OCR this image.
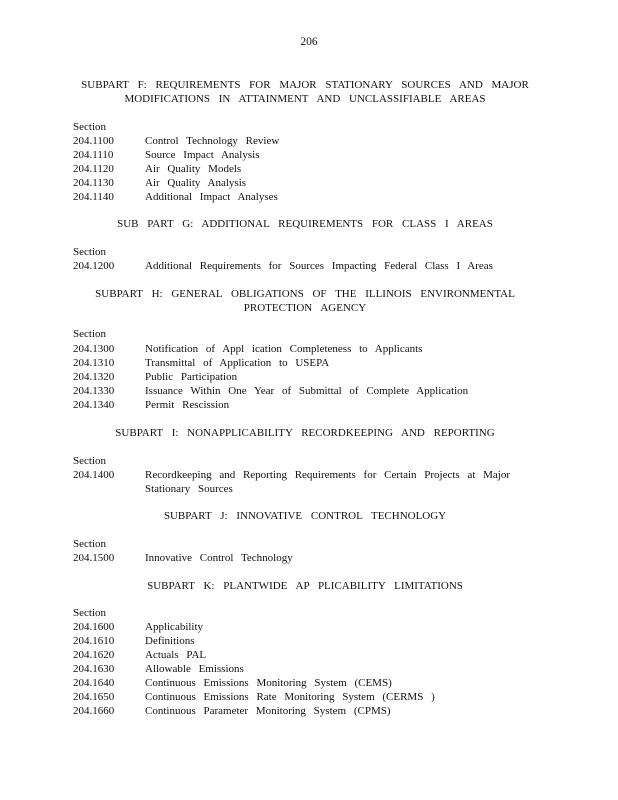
206
SUBPART F: REQUIREMENTS FOR MAJOR STATIONARY SOURCES AND MAJOR
MODIFICATIONS IN ATTAINMENT AND UNCLASSIFIABLE AREAS
Section
204.1100	Control Technology Review
204.1110	Source Impact Analysis
204.1120	Air Quality Models
204.1130	Air Quality Analysis
204.1140	Additional Impact Analyses
SUB PART G: ADDITIONAL REQUIREMENTS FOR CLASS I AREAS
Section
204.1200	Additional Requirements for Sources Impacting Federal Class I Areas
SUBPART H: GENERAL OBLIGATIONS OF THE ILLINOIS ENVIRONMENTAL
PROTECTION AGENCY
Section
204.1300	Notification of Appl ication Completeness to Applicants
204.1310	Transmittal of Application to USEPA
204.1320	Public Participation
204.1330	Issuance Within One Year of Submittal of Complete Application
204.1340	Permit Rescission
SUBPART I: NONAPPLICABILITY RECORDKEEPING AND REPORTING
Section
204.1400	Recordkeeping and Reporting Requirements for Certain Projects at Major
Stationary Sources
SUBPART J: INNOVATIVE CONTROL TECHNOLOGY
Section
204.1500	Innovative Control Technology
SUBPART K: PLANTWIDE AP PLICABILITY LIMITATIONS
Section
204.1600	Applicability
204.1610	Definitions
204.1620	Actuals PAL
204.1630	Allowable Emissions
204.1640	Continuous Emissions Monitoring System (CEMS)
204.1650	Continuous Emissions Rate Monitoring System (CERMS )
204.1660	Continuous Parameter Monitoring System (CPMS)
